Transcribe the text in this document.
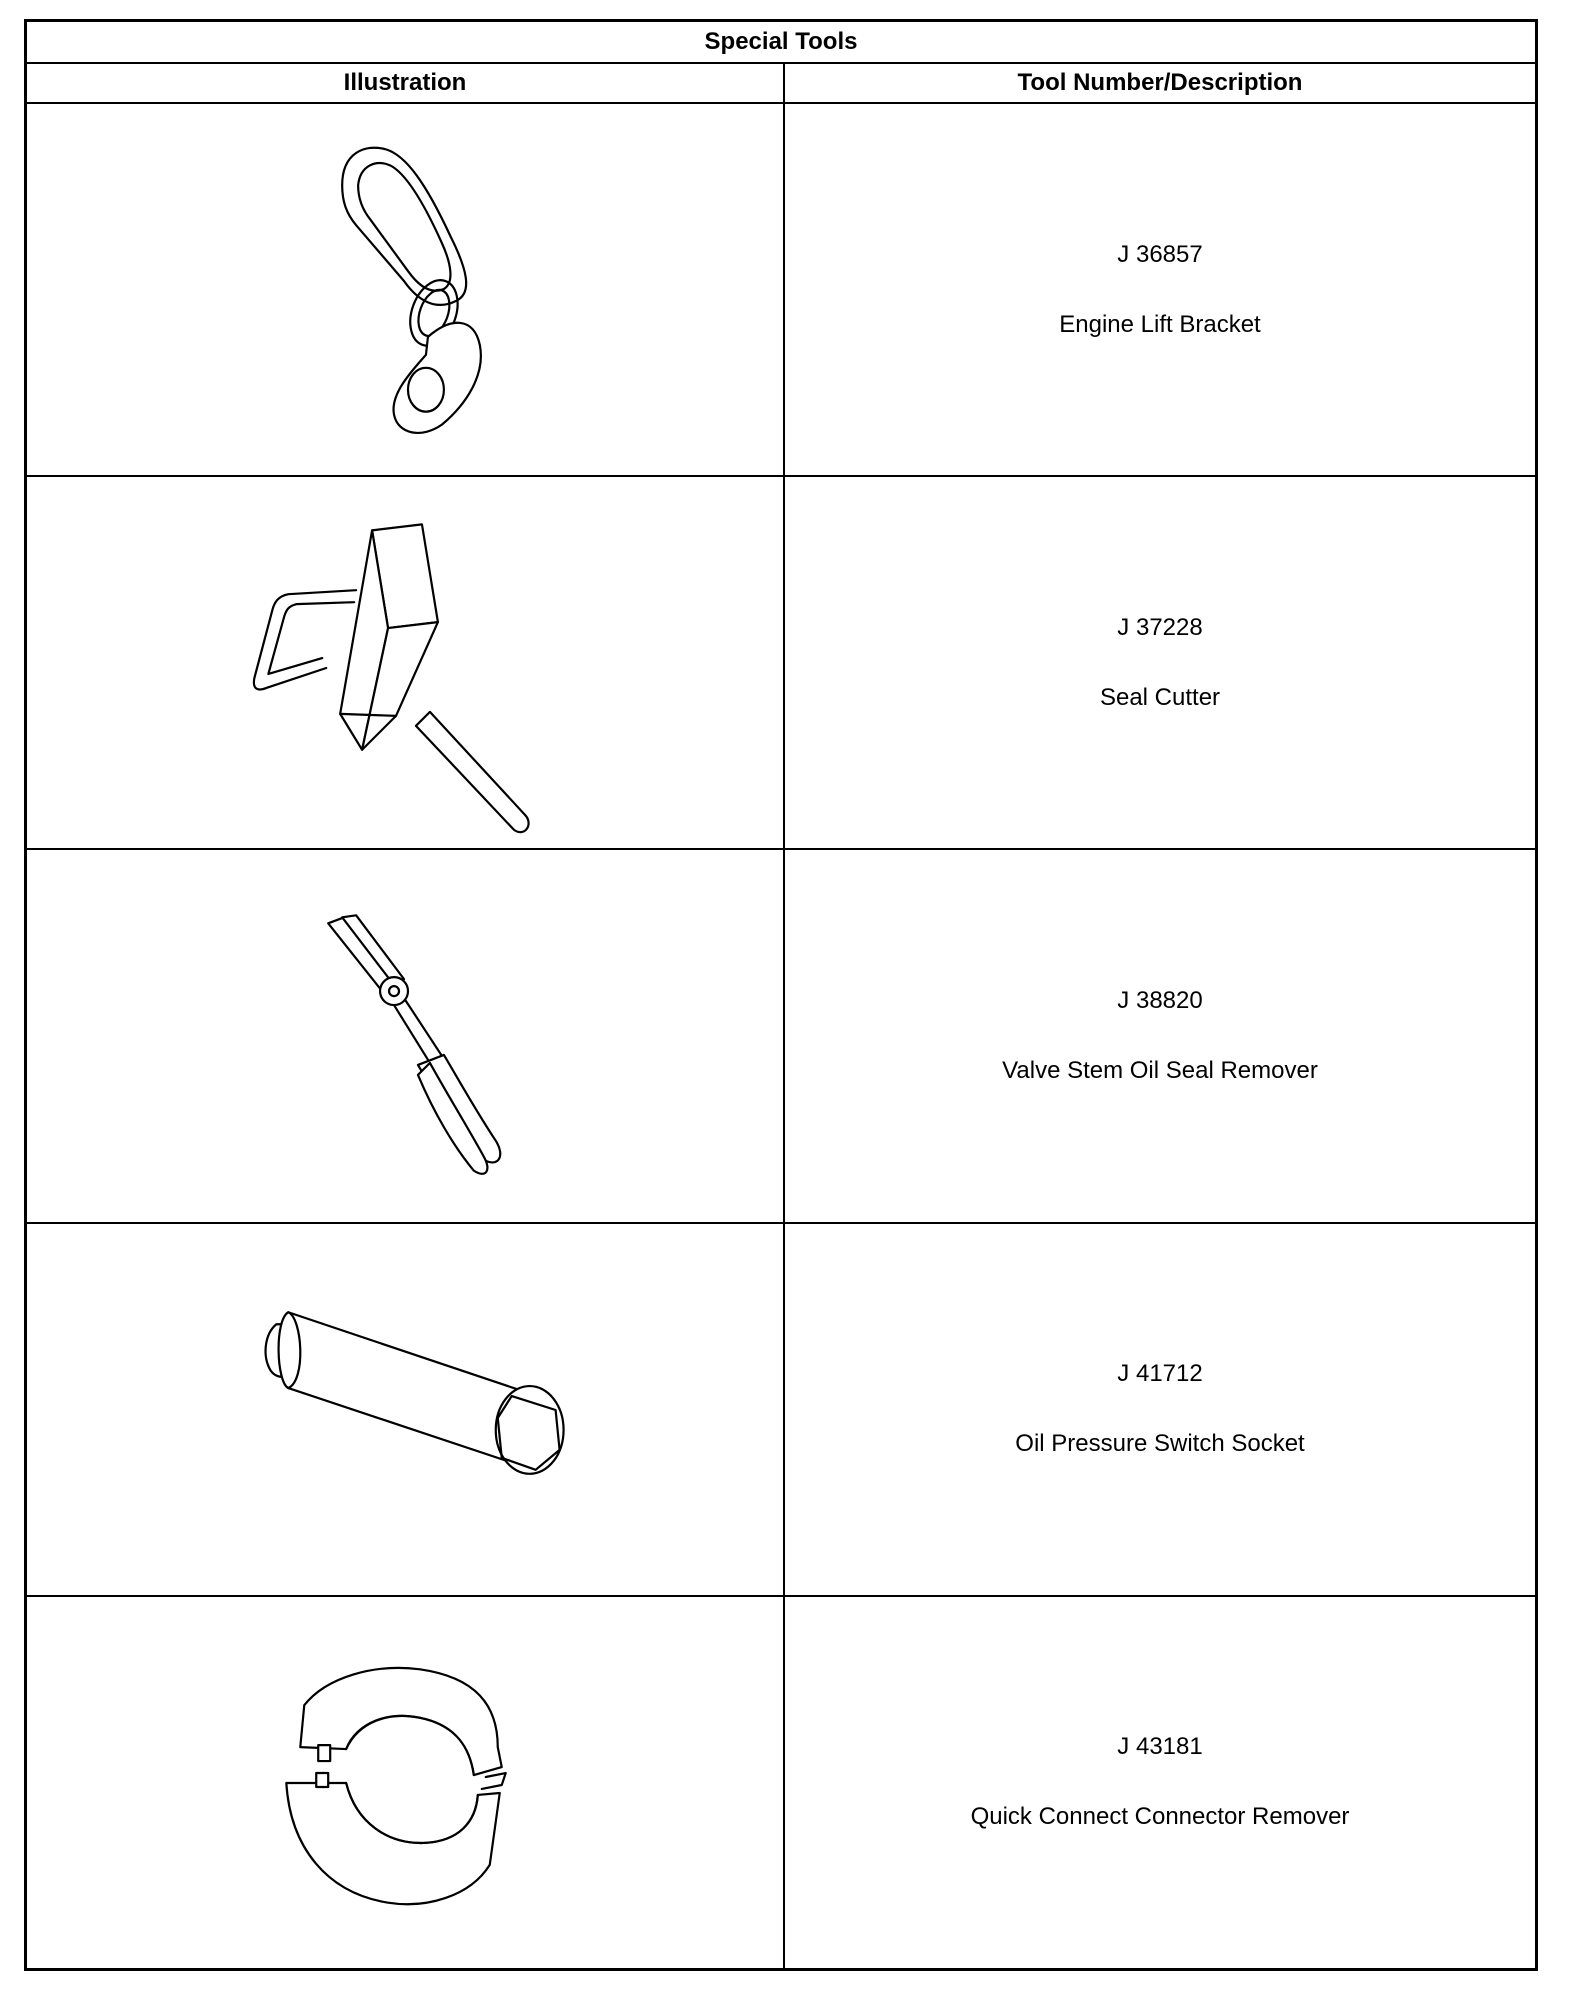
Special Tools
Illustration	Tool Number/Description
J 36857
Engine Lift Bracket
J 37228
Seal Cutter
J 38820
Valve Stem Oil Seal Remover
J 41712
Oil Pressure Switch Socket
J 43181
Quick Connect Connector Remover
